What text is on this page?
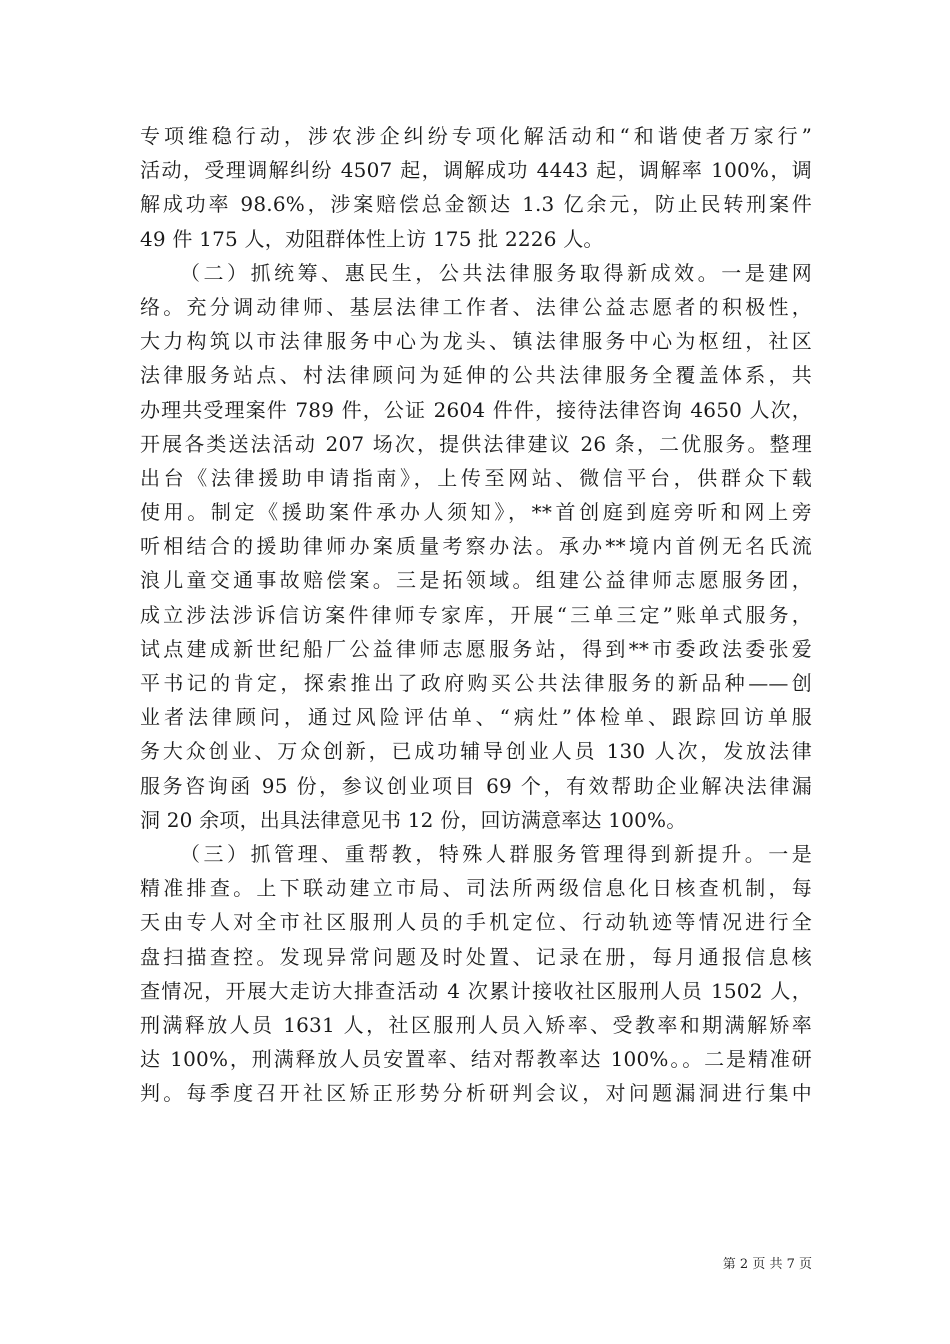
专项维稳行动，涉农涉企纠纷专项化解活动和“和谐使者万家行”
活动，受理调解纠纷 4507 起，调解成功 4443 起，调解率 100%，调
解成功率 98.6%，涉案赔偿总金额达 1.3 亿余元，防止民转刑案件
49 件 175 人，劝阻群体性上访 175 批 2226 人。
（二）抓统筹、惠民生，公共法律服务取得新成效。一是建网
络。充分调动律师、基层法律工作者、法律公益志愿者的积极性，
大力构筑以市法律服务中心为龙头、镇法律服务中心为枢纽，社区
法律服务站点、村法律顾问为延伸的公共法律服务全覆盖体系，共
办理共受理案件 789 件，公证 2604 件件，接待法律咨询 4650 人次，
开展各类送法活动 207 场次，提供法律建议 26 条，二优服务。整理
出台《法律援助申请指南》，上传至网站、微信平台，供群众下载
使用。制定《援助案件承办人须知》，**首创庭到庭旁听和网上旁
听相结合的援助律师办案质量考察办法。承办**境内首例无名氏流
浪儿童交通事故赔偿案。三是拓领域。组建公益律师志愿服务团，
成立涉法涉诉信访案件律师专家库，开展“三单三定”账单式服务，
试点建成新世纪船厂公益律师志愿服务站，得到**市委政法委张爱
平书记的肯定，探索推出了政府购买公共法律服务的新品种——创
业者法律顾问，通过风险评估单、“病灶”体检单、跟踪回访单服
务大众创业、万众创新，已成功辅导创业人员 130 人次，发放法律
服务咨询函 95 份，参议创业项目 69 个，有效帮助企业解决法律漏
洞 20 余项，出具法律意见书 12 份，回访满意率达 100%。
（三）抓管理、重帮教，特殊人群服务管理得到新提升。一是
精准排查。上下联动建立市局、司法所两级信息化日核查机制，每
天由专人对全市社区服刑人员的手机定位、行动轨迹等情况进行全
盘扫描查控。发现异常问题及时处置、记录在册，每月通报信息核
查情况，开展大走访大排查活动 4 次累计接收社区服刑人员 1502 人，
刑满释放人员 1631 人，社区服刑人员入矫率、受教率和期满解矫率
达 100%，刑满释放人员安置率、结对帮教率达 100%。。二是精准研
判。每季度召开社区矫正形势分析研判会议，对问题漏洞进行集中
第 2 页 共 7 页
